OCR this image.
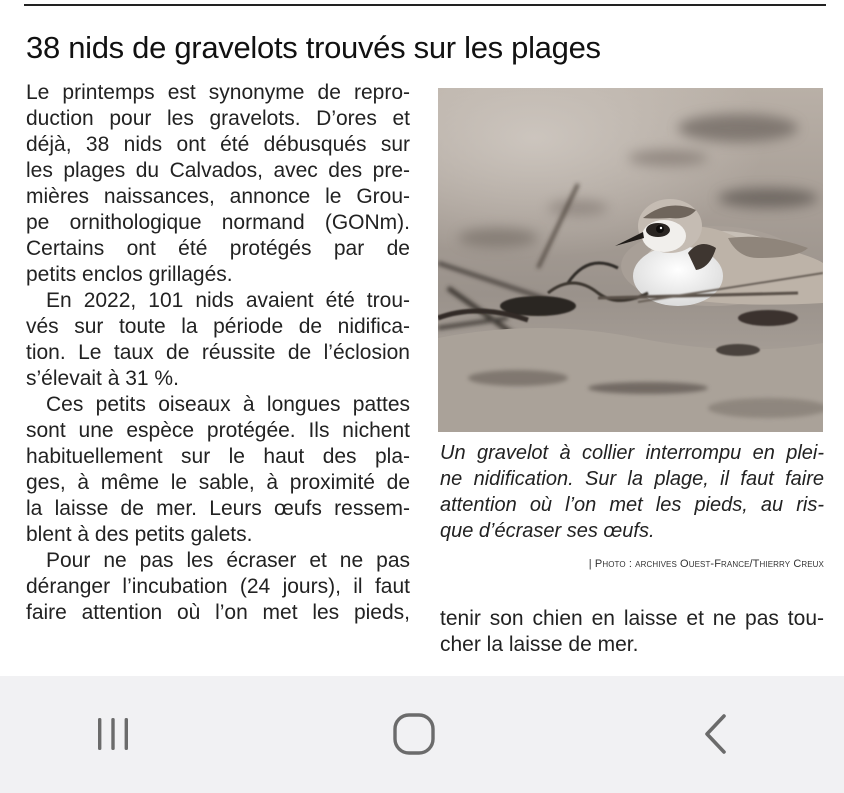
38 nids de gravelots trouvés sur les plages
Le printemps est synonyme de repro-
duction pour les gravelots. D’ores et
déjà, 38 nids ont été débusqués sur
les plages du Calvados, avec des pre-
mières naissances, annonce le Grou-
pe ornithologique normand (GONm).
Certains ont été protégés par de
petits enclos grillagés.
En 2022, 101 nids avaient été trou-
vés sur toute la période de nidifica-
tion. Le taux de réussite de l’éclosion
s’élevait à 31 %.
Ces petits oiseaux à longues pattes
sont une espèce protégée. Ils nichent
habituellement sur le haut des pla-
ges, à même le sable, à proximité de
la laisse de mer. Leurs œufs ressem-
blent à des petits galets.
Pour ne pas les écraser et ne pas
déranger l’incubation (24 jours), il faut
faire attention où l’on met les pieds,
Un gravelot à collier interrompu en plei-
ne nidification. Sur la plage, il faut faire
attention où l’on met les pieds, au ris-
que d’écraser ses œufs.
| Photo : archives Ouest-France/Thierry Creux
tenir son chien en laisse et ne pas tou-
cher la laisse de mer.
